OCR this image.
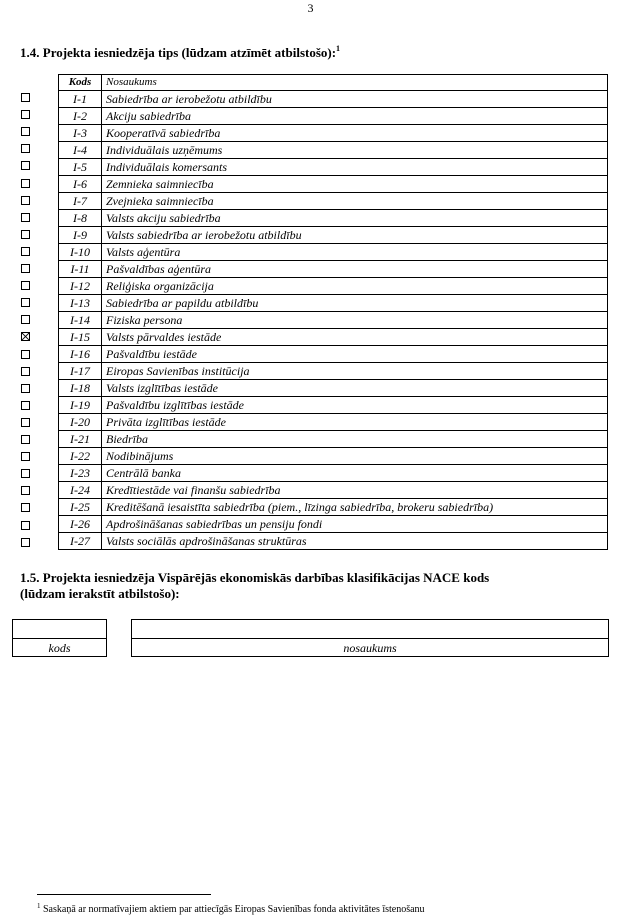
3
1.4. Projekta iesniedzēja tips (lūdzam atzīmēt atbilstošo):$^1$
Kods	Nosaukums
I-1	Sabiedrība ar ierobežotu atbildību
I-2	Akciju sabiedrība
I-3	Kooperatīvā sabiedrība
I-4	Individuālais uzņēmums
I-5	Individuālais komersants
I-6	Zemnieka saimniecība
I-7	Zvejnieka saimniecība
I-8	Valsts akciju sabiedrība
I-9	Valsts sabiedrība ar ierobežotu atbildību
I-10	Valsts aģentūra
I-11	Pašvaldības aģentūra
I-12	Reliģiska organizācija
I-13	Sabiedrība ar papildu atbildību
I-14	Fiziska persona
I-15	Valsts pārvaldes iestāde
I-16	Pašvaldību iestāde
I-17	Eiropas Savienības institūcija
I-18	Valsts izglītības iestāde
I-19	Pašvaldību izglītības iestāde
I-20	Privāta izglītības iestāde
I-21	Biedrība
I-22	Nodibinājums
I-23	Centrālā banka
I-24	Kredītiestāde vai finanšu sabiedrība
I-25	Kreditēšanā iesaistīta sabiedrība (piem., līzinga sabiedrība, brokeru sabiedrība)
I-26	Apdrošināšanas sabiedrības un pensiju fondi
I-27	Valsts sociālās apdrošināšanas struktūras
1.5. Projekta iesniedzēja Vispārējās ekonomiskās darbības klasifikācijas NACE kods
(lūdzam ierakstīt atbilstošo):
kods	nosaukums
$^1$ Saskaņā ar normatīvajiem aktiem par attiecīgās Eiropas Savienības fonda aktivitātes īstenošanu
